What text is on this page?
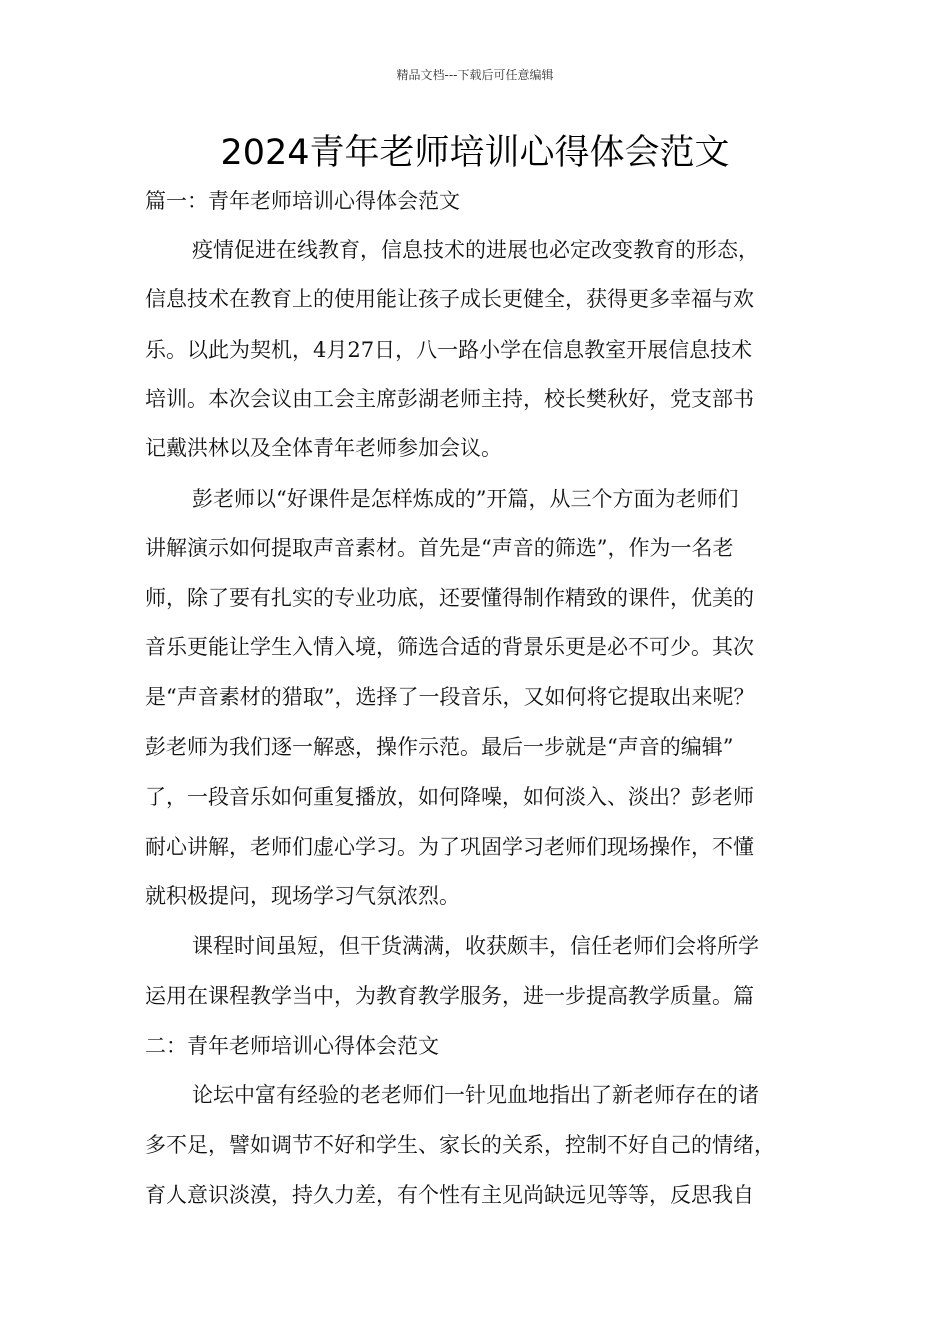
精品文档---下载后可任意编辑
2024青年老师培训心得体会范文
篇一：青年老师培训心得体会范文
疫情促进在线教育，信息技术的进展也必定改变教育的形态，
信息技术在教育上的使用能让孩子成长更健全，获得更多幸福与欢
乐。以此为契机，4月27日，八一路小学在信息教室开展信息技术
培训。本次会议由工会主席彭湖老师主持，校长樊秋好，党支部书
记戴洪林以及全体青年老师参加会议。
彭老师以“好课件是怎样炼成的”开篇，从三个方面为老师们
讲解演示如何提取声音素材。首先是“声音的筛选”，作为一名老
师，除了要有扎实的专业功底，还要懂得制作精致的课件，优美的
音乐更能让学生入情入境，筛选合适的背景乐更是必不可少。其次
是“声音素材的猎取”，选择了一段音乐，又如何将它提取出来呢？
彭老师为我们逐一解惑，操作示范。最后一步就是“声音的编辑”
了，一段音乐如何重复播放，如何降噪，如何淡入、淡出？彭老师
耐心讲解，老师们虚心学习。为了巩固学习老师们现场操作，不懂
就积极提问，现场学习气氛浓烈。
课程时间虽短，但干货满满，收获颇丰，信任老师们会将所学
运用在课程教学当中，为教育教学服务，进一步提高教学质量。篇
二：青年老师培训心得体会范文
论坛中富有经验的老老师们一针见血地指出了新老师存在的诸
多不足，譬如调节不好和学生、家长的关系，控制不好自己的情绪，
育人意识淡漠，持久力差，有个性有主见尚缺远见等等，反思我自
